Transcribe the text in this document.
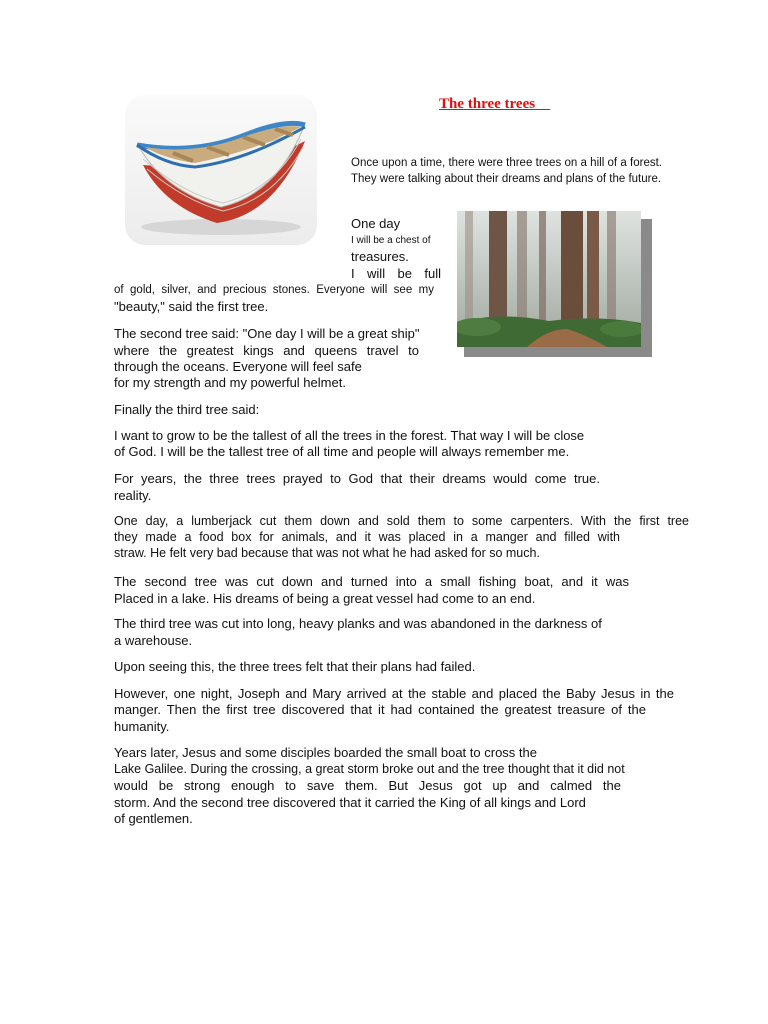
The three trees

Once upon a time, there were three trees on a hill of a forest. They were talking about their dreams and plans of the future.

One day
I will be a chest of
treasures.
I will be full
of gold, silver, and precious stones. Everyone will see my
"beauty," said the first tree.
The second tree said: "One day I will be a great ship"
where the greatest kings and queens travel to
through the oceans. Everyone will feel safe
for my strength and my powerful helmet.
Finally the third tree said:
I want to grow to be the tallest of all the trees in the forest. That way I will be close
of God. I will be the tallest tree of all time and people will always remember me.
For years, the three trees prayed to God that their dreams would come true.
reality.
One day, a lumberjack cut them down and sold them to some carpenters. With the first tree
they made a food box for animals, and it was placed in a manger and filled with
straw. He felt very bad because that was not what he had asked for so much.
The second tree was cut down and turned into a small fishing boat, and it was
Placed in a lake. His dreams of being a great vessel had come to an end.
The third tree was cut into long, heavy planks and was abandoned in the darkness of
a warehouse.
Upon seeing this, the three trees felt that their plans had failed.
However, one night, Joseph and Mary arrived at the stable and placed the Baby Jesus in the
manger. Then the first tree discovered that it had contained the greatest treasure of the
humanity.
Years later, Jesus and some disciples boarded the small boat to cross the
Lake Galilee. During the crossing, a great storm broke out and the tree thought that it did not
would be strong enough to save them. But Jesus got up and calmed the
storm. And the second tree discovered that it carried the King of all kings and Lord
of gentlemen.
